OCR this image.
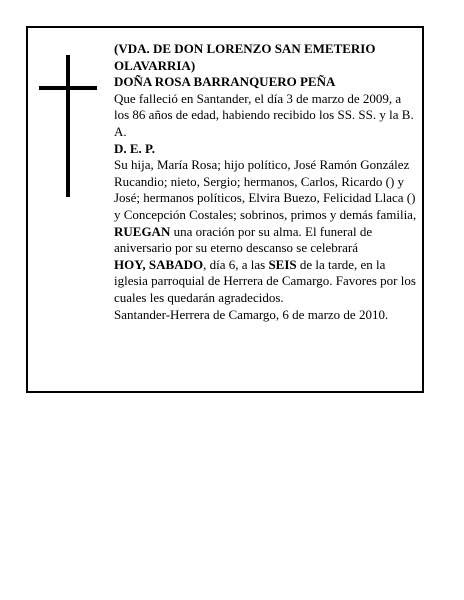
(VDA. DE DON LORENZO SAN EMETERIO OLAVARRIA)

DOÑA ROSA BARRANQUERO PEÑA

Que falleció en Santander, el día 3 de marzo de 2009, a los 86 años de edad, habiendo recibido los SS. SS. y la B. A.

D. E. P.

Su hija, María Rosa; hijo político, José Ramón González Rucandio; nieto, Sergio; hermanos, Carlos, Ricardo () y José; hermanos políticos, Elvira Buezo, Felicidad Llaca () y Concepción Costales; sobrinos, primos y demás familia,

RUEGAN una oración por su alma. El funeral de aniversario por su eterno descanso se celebrará

HOY, SABADO, día 6, a las SEIS de la tarde, en la iglesia parroquial de Herrera de Camargo. Favores por los cuales les quedarán agradecidos.

Santander-Herrera de Camargo, 6 de marzo de 2010.
